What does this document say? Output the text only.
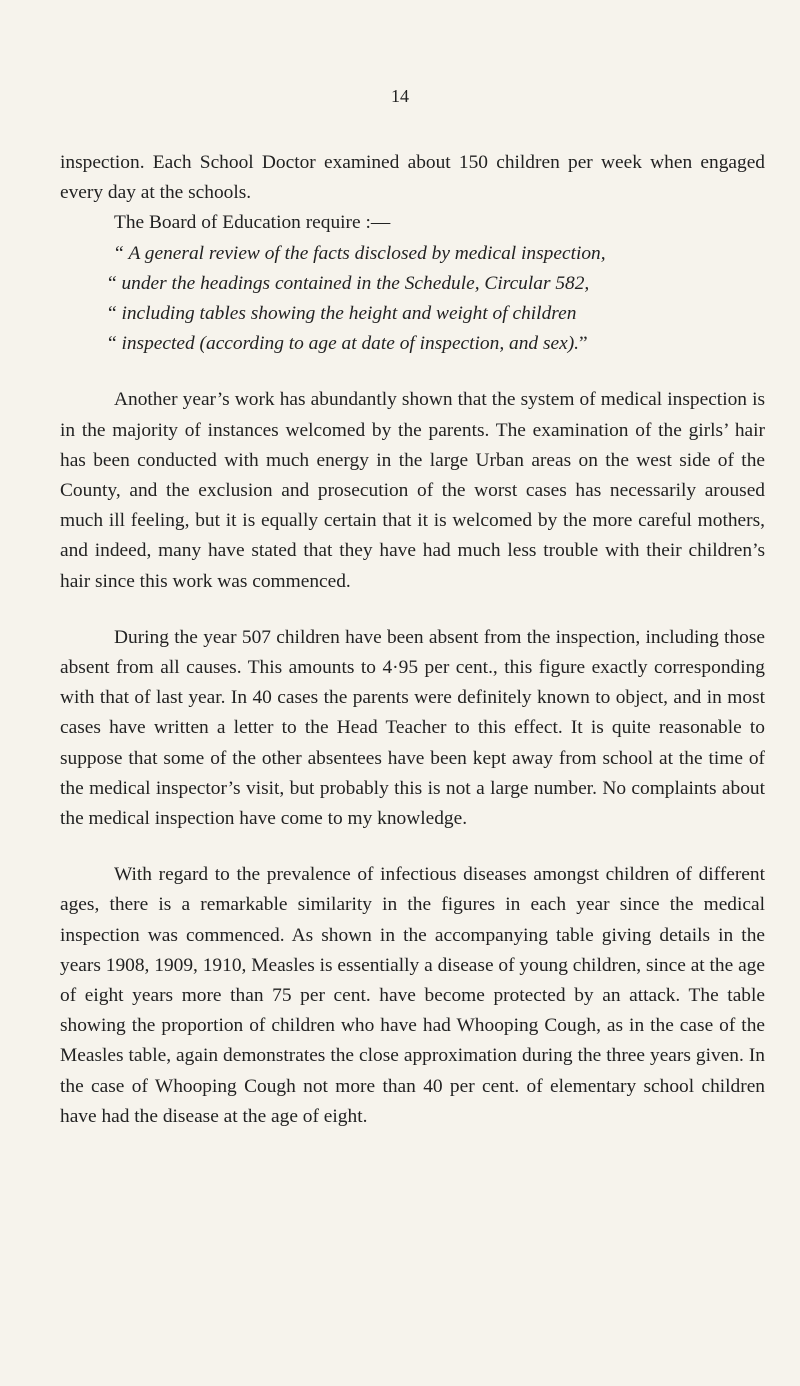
14

inspection. Each School Doctor examined about 150 children per week when engaged every day at the schools.

The Board of Education require :—

“ A general review of the facts disclosed by medical inspection,
“ under the headings contained in the Schedule, Circular 582,
“ including tables showing the height and weight of children
“ inspected (according to age at date of inspection, and sex).”

Another year’s work has abundantly shown that the system of medical inspection is in the majority of instances welcomed by the parents. The examination of the girls’ hair has been conducted with much energy in the large Urban areas on the west side of the County, and the exclusion and prosecution of the worst cases has necessarily aroused much ill feeling, but it is equally certain that it is welcomed by the more careful mothers, and indeed, many have stated that they have had much less trouble with their children’s hair since this work was commenced.

During the year 507 children have been absent from the inspection, including those absent from all causes. This amounts to 4·95 per cent., this figure exactly corresponding with that of last year. In 40 cases the parents were definitely known to object, and in most cases have written a letter to the Head Teacher to this effect. It is quite reasonable to suppose that some of the other absentees have been kept away from school at the time of the medical inspector’s visit, but probably this is not a large number. No complaints about the medical inspection have come to my knowledge.

With regard to the prevalence of infectious diseases amongst children of different ages, there is a remarkable similarity in the figures in each year since the medical inspection was commenced. As shown in the accompanying table giving details in the years 1908, 1909, 1910, Measles is essentially a disease of young children, since at the age of eight years more than 75 per cent. have become protected by an attack. The table showing the proportion of children who have had Whooping Cough, as in the case of the Measles table, again demonstrates the close approximation during the three years given. In the case of Whooping Cough not more than 40 per cent. of elementary school children have had the disease at the age of eight.
